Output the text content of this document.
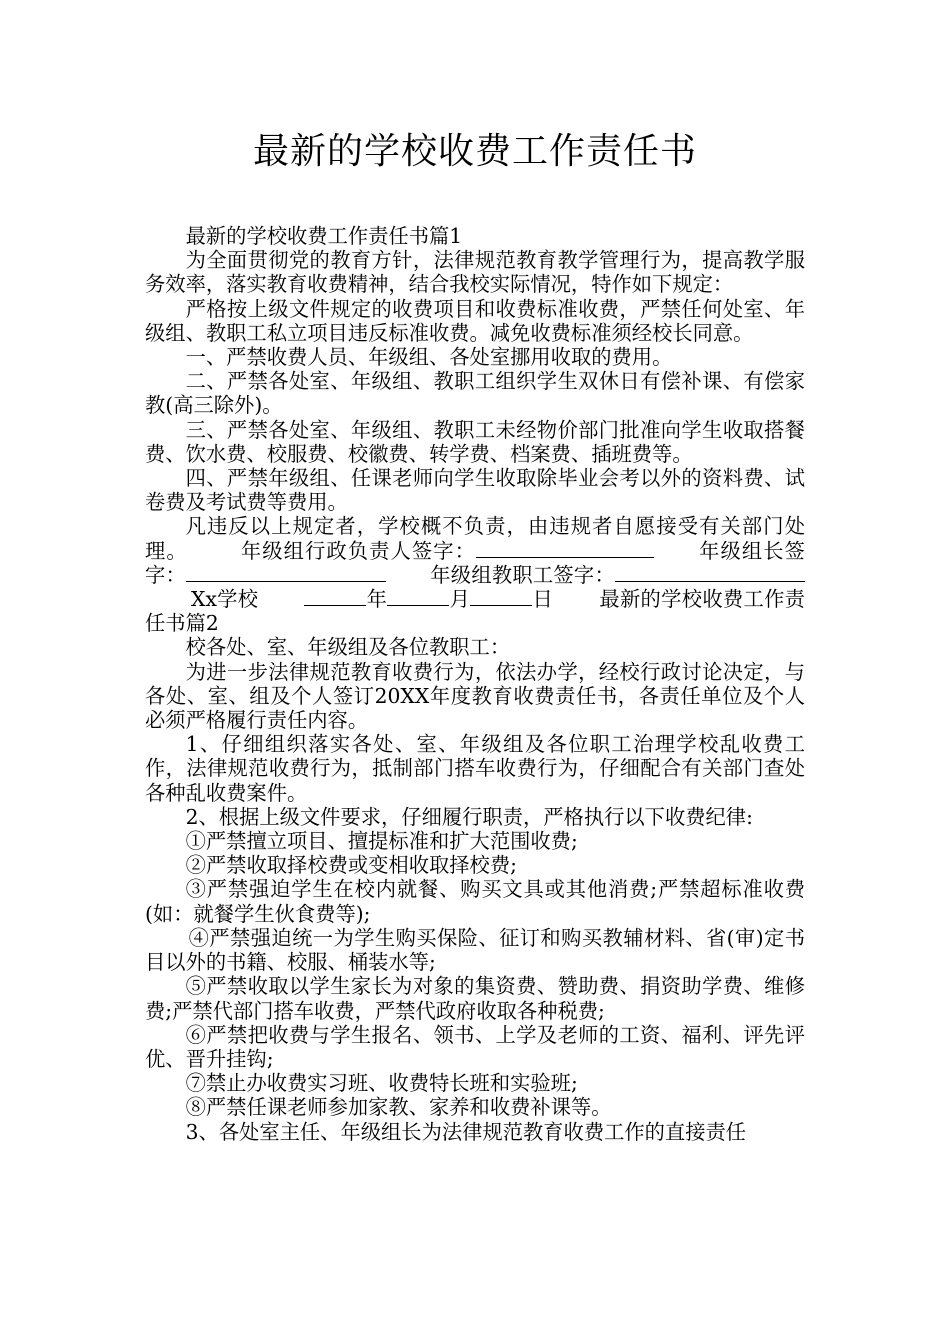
最新的学校收费工作责任书

最新的学校收费工作责任书篇1

为全面贯彻党的教育方针，法律规范教育教学管理行为，提高教学服务效率，落实教育收费精神，结合我校实际情况，特作如下规定：

严格按上级文件规定的收费项目和收费标准收费，严禁任何处室、年级组、教职工私立项目违反标准收费。减免收费标准须经校长同意。

一、严禁收费人员、年级组、各处室挪用收取的费用。

二、严禁各处室、年级组、教职工组织学生双休日有偿补课、有偿家教(高三除外)。

三、严禁各处室、年级组、教职工未经物价部门批准向学生收取搭餐费、饮水费、校服费、校徽费、转学费、档案费、插班费等。

四、严禁年级组、任课老师向学生收取除毕业会考以外的资料费、试卷费及考试费等费用。

凡违反以上规定者，学校概不负责，由违规者自愿接受有关部门处理。	年级组行政负责人签字：	年级组长签字：	年级组教职工签字：Xx学校	年	月	日 最新的学校收费工作责任书篇2

校各处、室、年级组及各位教职工：

为进一步法律规范教育收费行为，依法办学，经校行政讨论决定，与各处、室、组及个人签订20XX年度教育收费责任书，各责任单位及个人必须严格履行责任内容。

1、仔细组织落实各处、室、年级组及各位职工治理学校乱收费工作，法律规范收费行为，抵制部门搭车收费行为，仔细配合有关部门查处各种乱收费案件。

2、根据上级文件要求，仔细履行职责，严格执行以下收费纪律:

①严禁擅立项目、擅提标准和扩大范围收费;

②严禁收取择校费或变相收取择校费;

③严禁强迫学生在校内就餐、购买文具或其他消费;严禁超标准收费(如：就餐学生伙食费等);

④严禁强迫统一为学生购买保险、征订和购买教辅材料、省(审)定书目以外的书籍、校服、桶装水等;

⑤严禁收取以学生家长为对象的集资费、赞助费、捐资助学费、维修费;严禁代部门搭车收费，严禁代政府收取各种税费;

⑥严禁把收费与学生报名、领书、上学及老师的工资、福利、评先评优、晋升挂钩;

⑦禁止办收费实习班、收费特长班和实验班;

⑧严禁任课老师参加家教、家养和收费补课等。

3、各处室主任、年级组长为法律规范教育收费工作的直接责任
